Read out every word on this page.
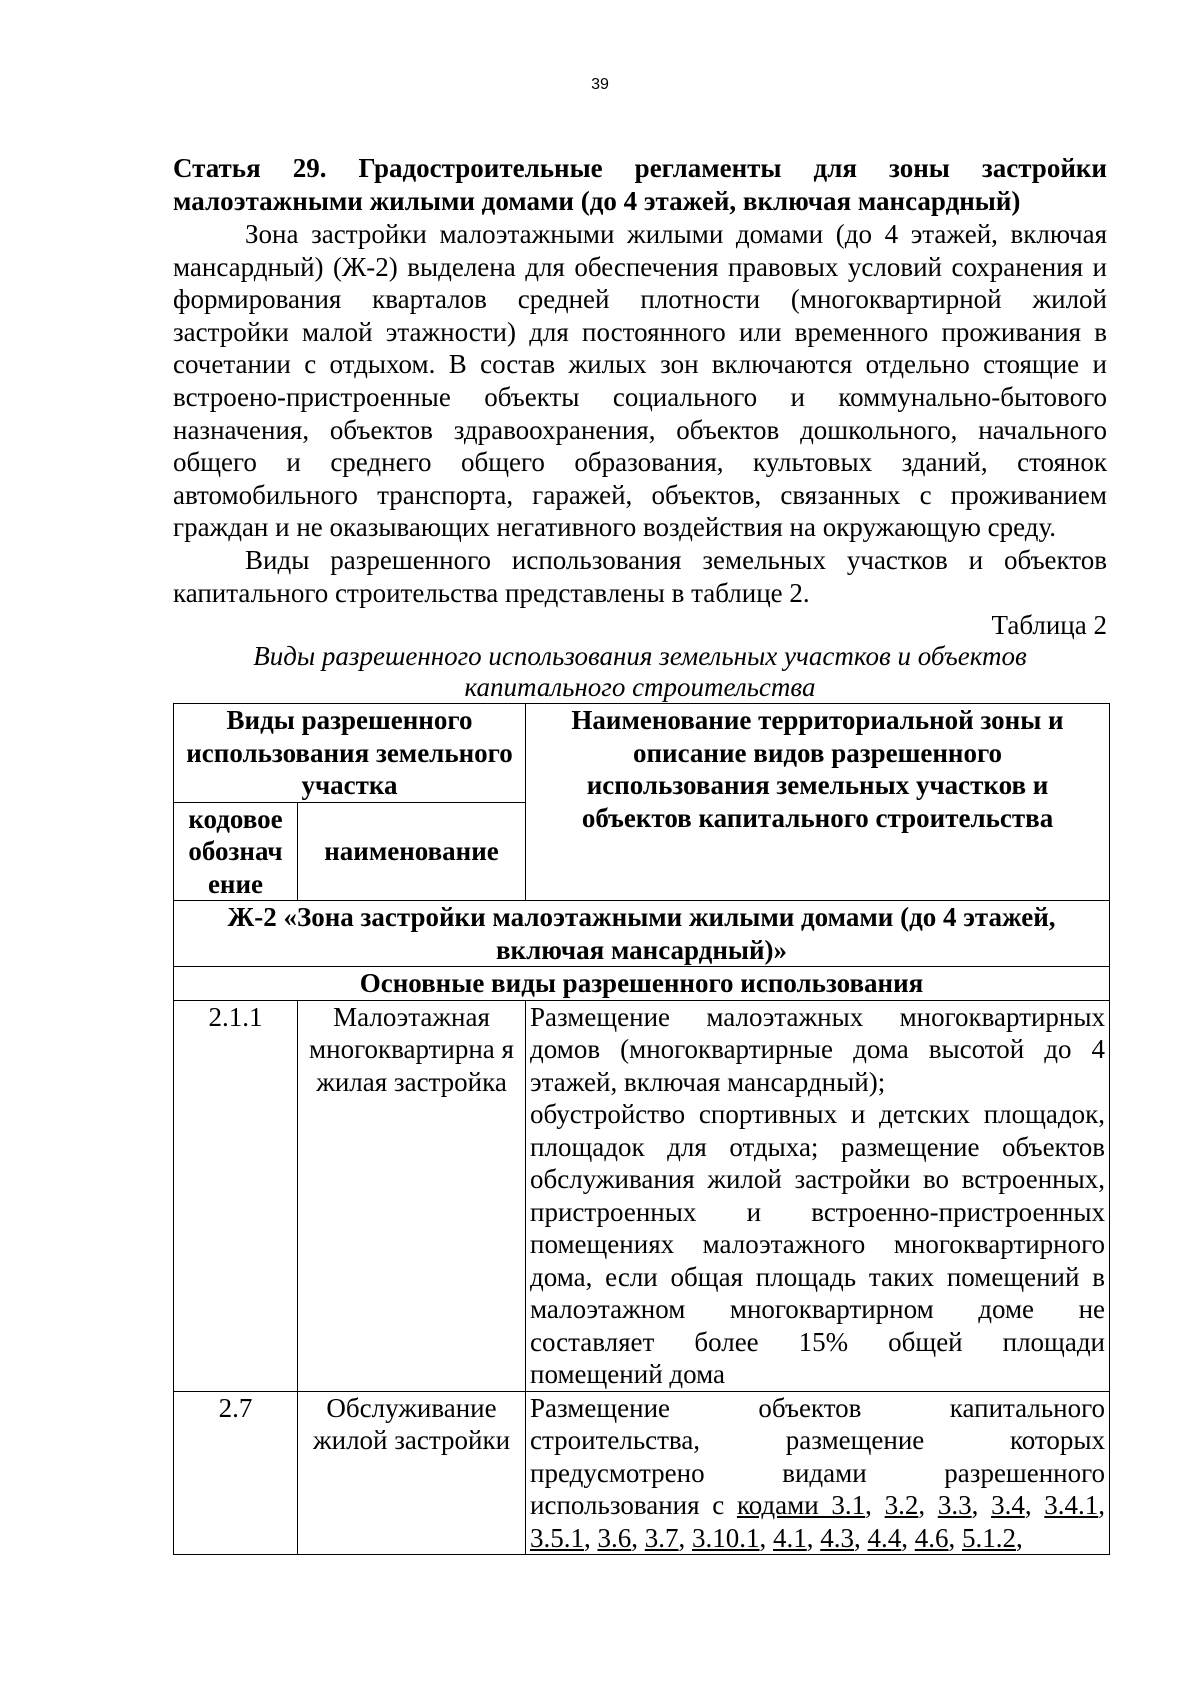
39

Статья 29. Градостроительные регламенты для зоны застройки малоэтажными жилыми домами (до 4 этажей, включая мансардный)

Зона застройки малоэтажными жилыми домами (до 4 этажей, включая мансардный) (Ж-2) выделена для обеспечения правовых условий сохранения и формирования кварталов средней плотности (многоквартирной жилой застройки малой этажности) для постоянного или временного проживания в сочетании с отдыхом. В состав жилых зон включаются отдельно стоящие и встроено-пристроенные объекты социального и коммунально-бытового назначения, объектов здравоохранения, объектов дошкольного, начального общего и среднего общего образования, культовых зданий, стоянок автомобильного транспорта, гаражей, объектов, связанных с проживанием граждан и не оказывающих негативного воздействия на окружающую среду.

Виды разрешенного использования земельных участков и объектов капитального строительства представлены в таблице 2.

Таблица 2

Виды разрешенного использования земельных участков и объектов капитального строительства

Виды разрешенного использования земельного участка		Наименование территориальной зоны и описание видов разрешенного использования земельных участков и объектов капитального строительства
кодовое обознач ение	наименование	
Ж-2 «Зона застройки малоэтажными жилыми домами (до 4 этажей, включая мансардный)»		
Основные виды разрешенного использования		
2.1.1	Малоэтажная многоквартирна я жилая застройка	Размещение малоэтажных многоквартирных домов (многоквартирные дома высотой до 4 этажей, включая мансардный);

обустройство спортивных и детских площадок, площадок для отдыха; размещение объектов обслуживания жилой застройки во встроенных, пристроенных и встроенно-пристроенных помещениях малоэтажного многоквартирного дома, если общая площадь таких помещений в малоэтажном многоквартирном доме не составляет более 15% общей площади помещений дома

2.7	Обслуживание жилой застройки	Размещение объектов капитального строительства, размещение которых предусмотрено видами разрешенного использования с кодами 3.1, 3.2, 3.3, 3.4, 3.4.1, 3.5.1, 3.6, 3.7, 3.10.1, 4.1, 4.3, 4.4, 4.6, 5.1.2,
